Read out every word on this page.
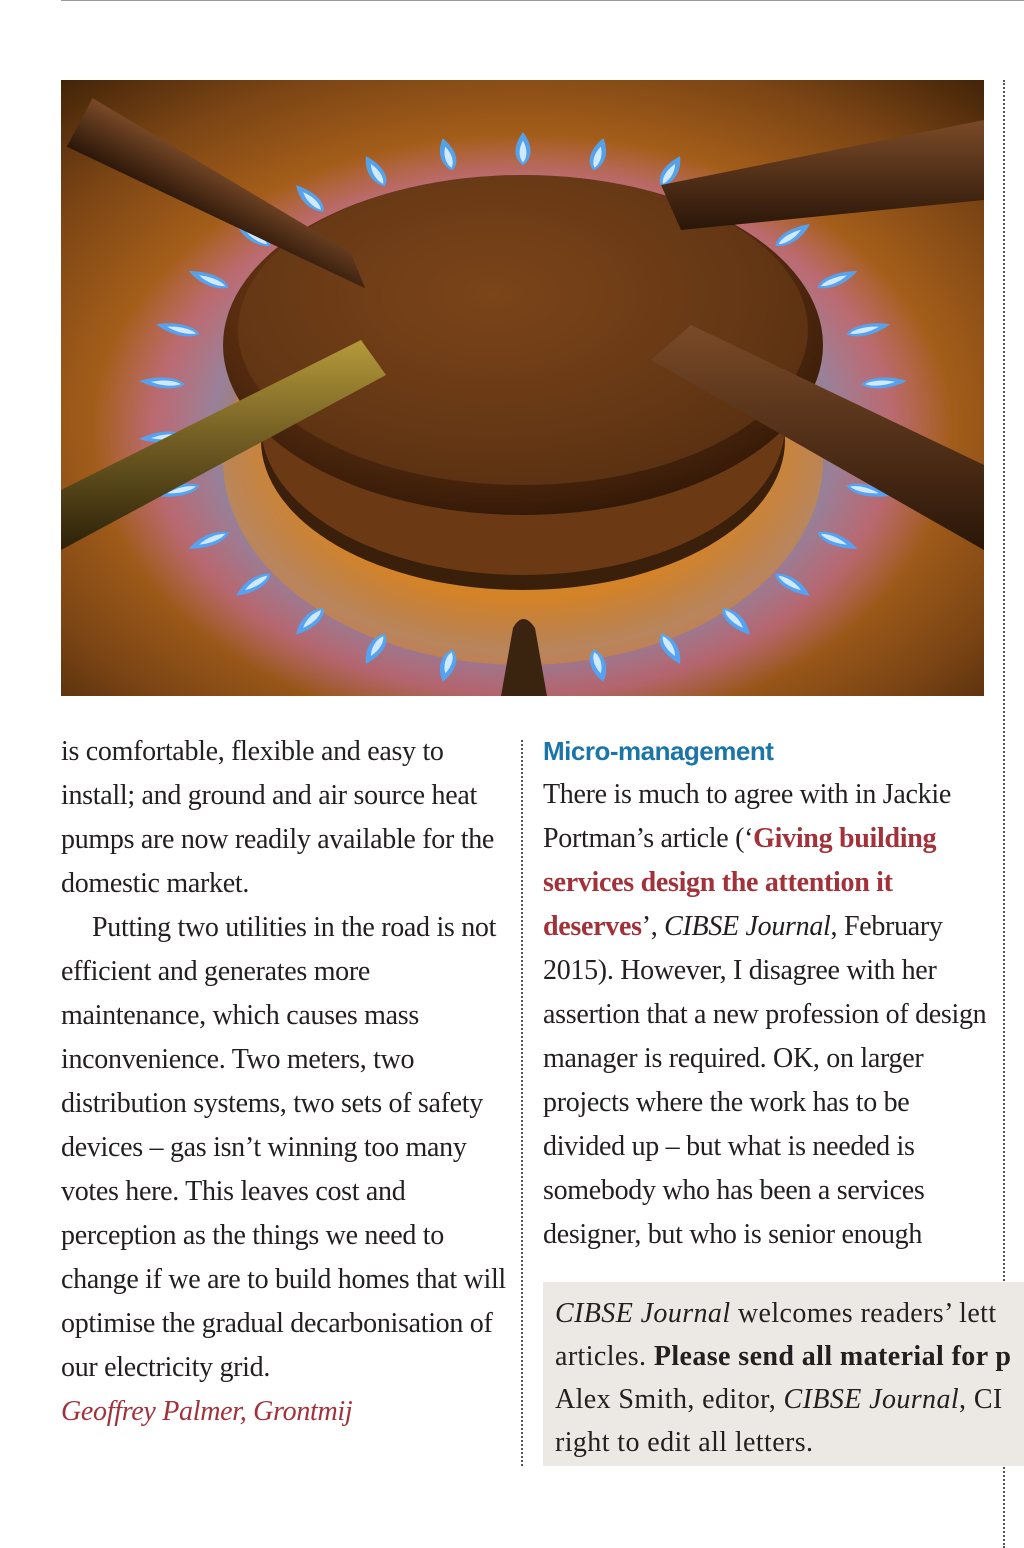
is comfortable, flexible and easy to install; and ground and air source heat pumps are now readily available for the domestic market.

Putting two utilities in the road is not efficient and generates more maintenance, which causes mass inconvenience. Two meters, two distribution systems, two sets of safety devices – gas isn’t winning too many votes here. This leaves cost and perception as the things we need to change if we are to build homes that will optimise the gradual decarbonisation of our electricity grid.

Geoffrey Palmer, Grontmij

Micro-management

There is much to agree with in Jackie Portman’s article (‘Giving building services design the attention it deserves’, CIBSE Journal, February 2015). However, I disagree with her assertion that a new profession of design manager is required. OK, on larger projects where the work has to be divided up – but what is needed is somebody who has been a services designer, but who is senior enough

CIBSE Journal welcomes readers’ lett
articles. Please send all material for p
Alex Smith, editor, CIBSE Journal, CI
right to edit all letters.
